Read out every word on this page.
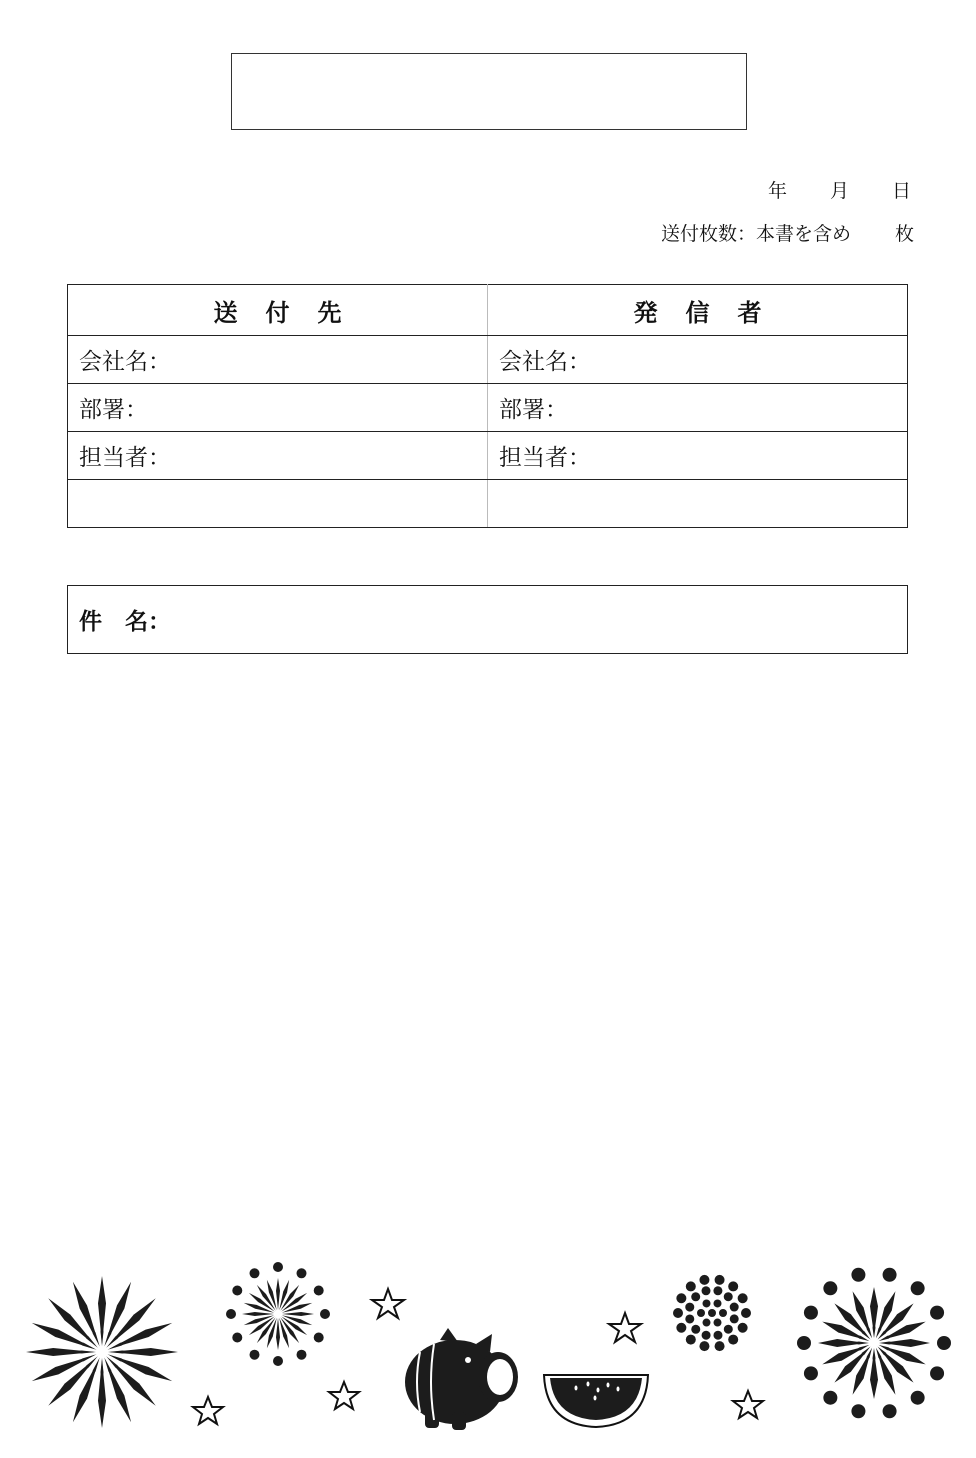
年 月 日
送付枚数：本書を含め 枚
送付先	発信者
会社名：	会社名：
部署：	部署：
担当者：	担当者：

件　名：
